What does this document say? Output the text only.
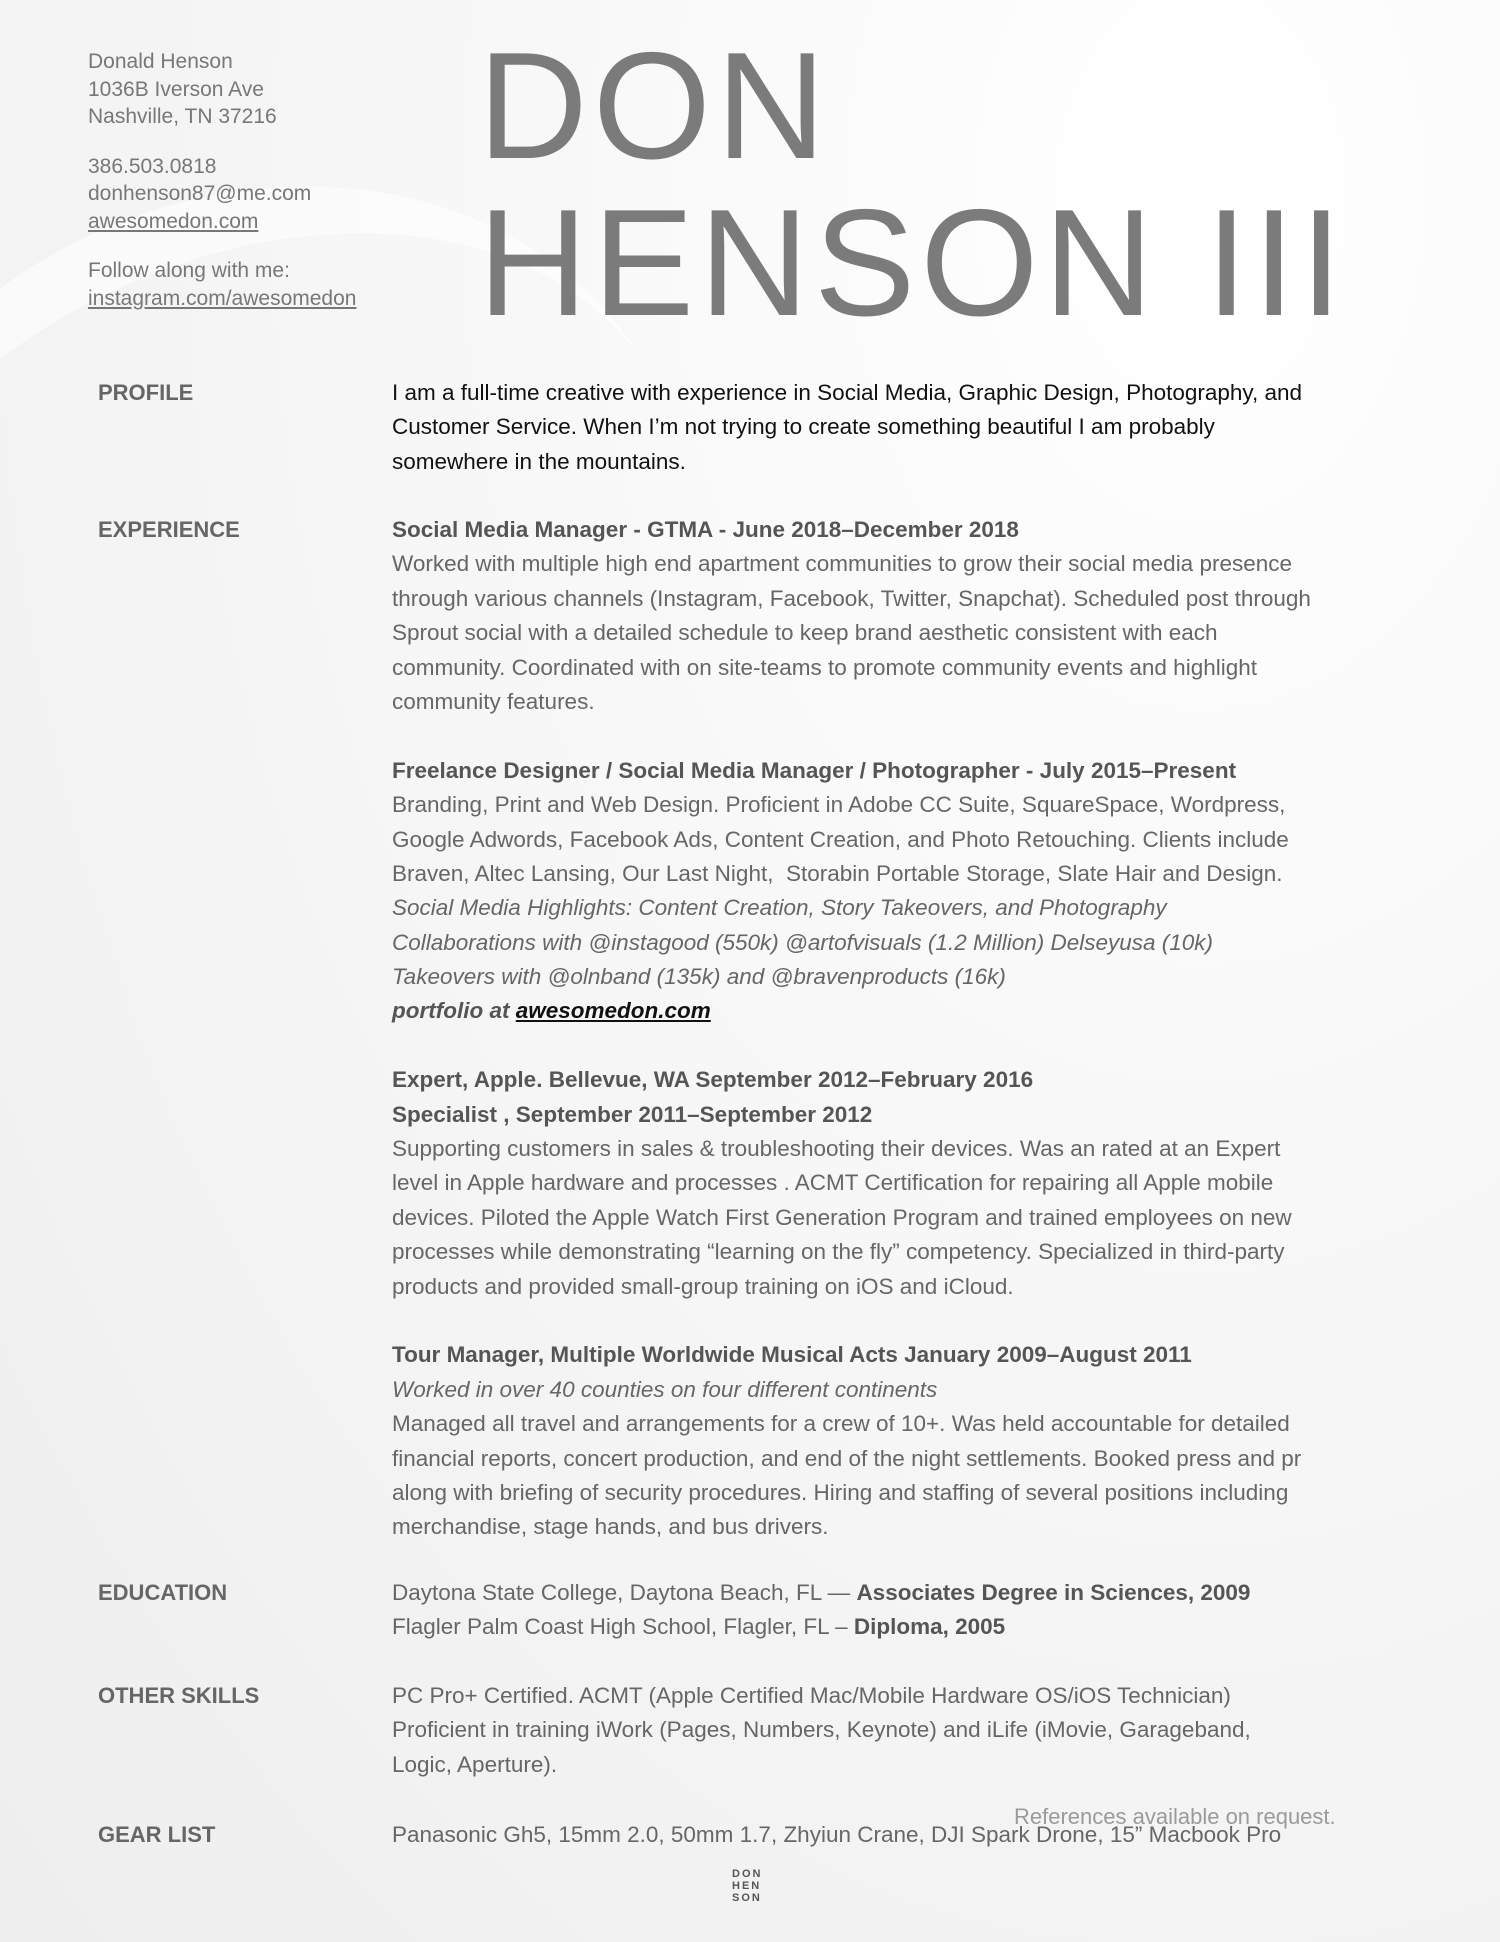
Donald Henson
1036B Iverson Ave
Nashville, TN 37216
386.503.0818
donhenson87@me.com
awesomedon.com
Follow along with me:
instagram.com/awesomedon
DON
HENSON III
PROFILE	I am a full-time creative with experience in Social Media, Graphic Design, Photography, and
Customer Service. When I’m not trying to create something beautiful I am probably
somewhere in the mountains.
EXPERIENCE	Social Media Manager - GTMA - June 2018–December 2018
Worked with multiple high end apartment communities to grow their social media presence
through various channels (Instagram, Facebook, Twitter, Snapchat). Scheduled post through
Sprout social with a detailed schedule to keep brand aesthetic consistent with each
community. Coordinated with on site-teams to promote community events and highlight
community features.
Freelance Designer / Social Media Manager / Photographer - July 2015–Present
Branding, Print and Web Design. Proficient in Adobe CC Suite, SquareSpace, Wordpress,
Google Adwords, Facebook Ads, Content Creation, and Photo Retouching. Clients include
Braven, Altec Lansing, Our Last Night,  Storabin Portable Storage, Slate Hair and Design.
Social Media Highlights: Content Creation, Story Takeovers, and Photography
Collaborations with @instagood (550k) @artofvisuals (1.2 Million) Delseyusa (10k)
Takeovers with @olnband (135k) and @bravenproducts (16k)
portfolio at awesomedon.com
Expert, Apple. Bellevue, WA September 2012–February 2016
Specialist , September 2011–September 2012
Supporting customers in sales & troubleshooting their devices. Was an rated at an Expert
level in Apple hardware and processes . ACMT Certification for repairing all Apple mobile
devices. Piloted the Apple Watch First Generation Program and trained employees on new
processes while demonstrating “learning on the fly” competency. Specialized in third-party
products and provided small-group training on iOS and iCloud.
Tour Manager, Multiple Worldwide Musical Acts January 2009–August 2011
Worked in over 40 counties on four different continents
Managed all travel and arrangements for a crew of 10+. Was held accountable for detailed
financial reports, concert production, and end of the night settlements. Booked press and pr
along with briefing of security procedures. Hiring and staffing of several positions including
merchandise, stage hands, and bus drivers.
EDUCATION	Daytona State College, Daytona Beach, FL — Associates Degree in Sciences, 2009
Flagler Palm Coast High School, Flagler, FL – Diploma, 2005
OTHER SKILLS	PC Pro+ Certified. ACMT (Apple Certified Mac/Mobile Hardware OS/iOS Technician)
Proficient in training iWork (Pages, Numbers, Keynote) and iLife (iMovie, Garageband,
Logic, Aperture).
GEAR LIST	Panasonic Gh5, 15mm 2.0, 50mm 1.7, Zhyiun Crane, DJI Spark Drone, 15” Macbook Pro
References available on request.
DON
HEN
SON
